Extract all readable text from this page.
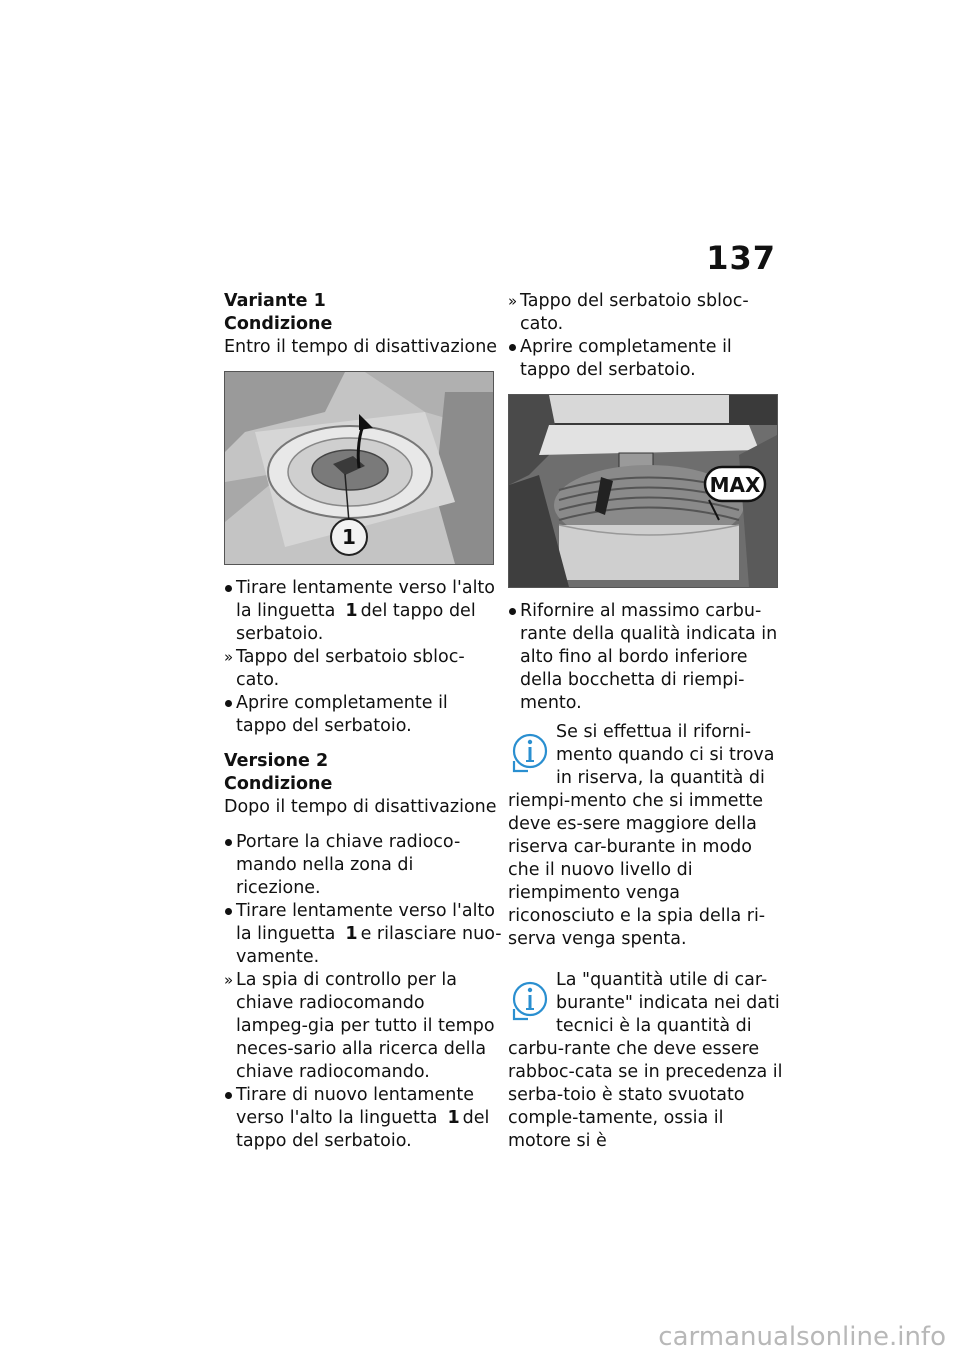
137
Variante 1
Condizione
Entro il tempo di disattivazione
1
Tirare lentamente verso l'alto la linguetta 1 del tappo del serbatoio.
» Tappo del serbatoio sbloc-cato.
Aprire completamente il tappo del serbatoio.
Versione 2
Condizione
Dopo il tempo di disattivazione
Portare la chiave radioco-mando nella zona di ricezione.
Tirare lentamente verso l'alto la linguetta 1 e rilasciare nuo-vamente.
» La spia di controllo per la chiave radiocomando lampeg-gia per tutto il tempo neces-sario alla ricerca della chiave radiocomando.
Tirare di nuovo lentamente verso l'alto la linguetta 1 del tappo del serbatoio.
» Tappo del serbatoio sbloc-cato.
Aprire completamente il tappo del serbatoio.
MAX
Rifornire al massimo carbu-rante della qualità indicata in alto fino al bordo inferiore della bocchetta di riempi-mento.

Se si effettua il riforni-mento quando ci si trova in riserva, la quantità di riempi-mento che si immette deve es-sere maggiore della riserva car-burante in modo che il nuovo livello di riempimento venga riconosciuto e la spia della ri-serva venga spenta.

La "quantità utile di car-burante" indicata nei dati tecnici è la quantità di carbu-rante che deve essere rabboc-cata se in precedenza il serba-toio è stato svuotato comple-tamente, ossia il motore si è

carmanualsonline.info
